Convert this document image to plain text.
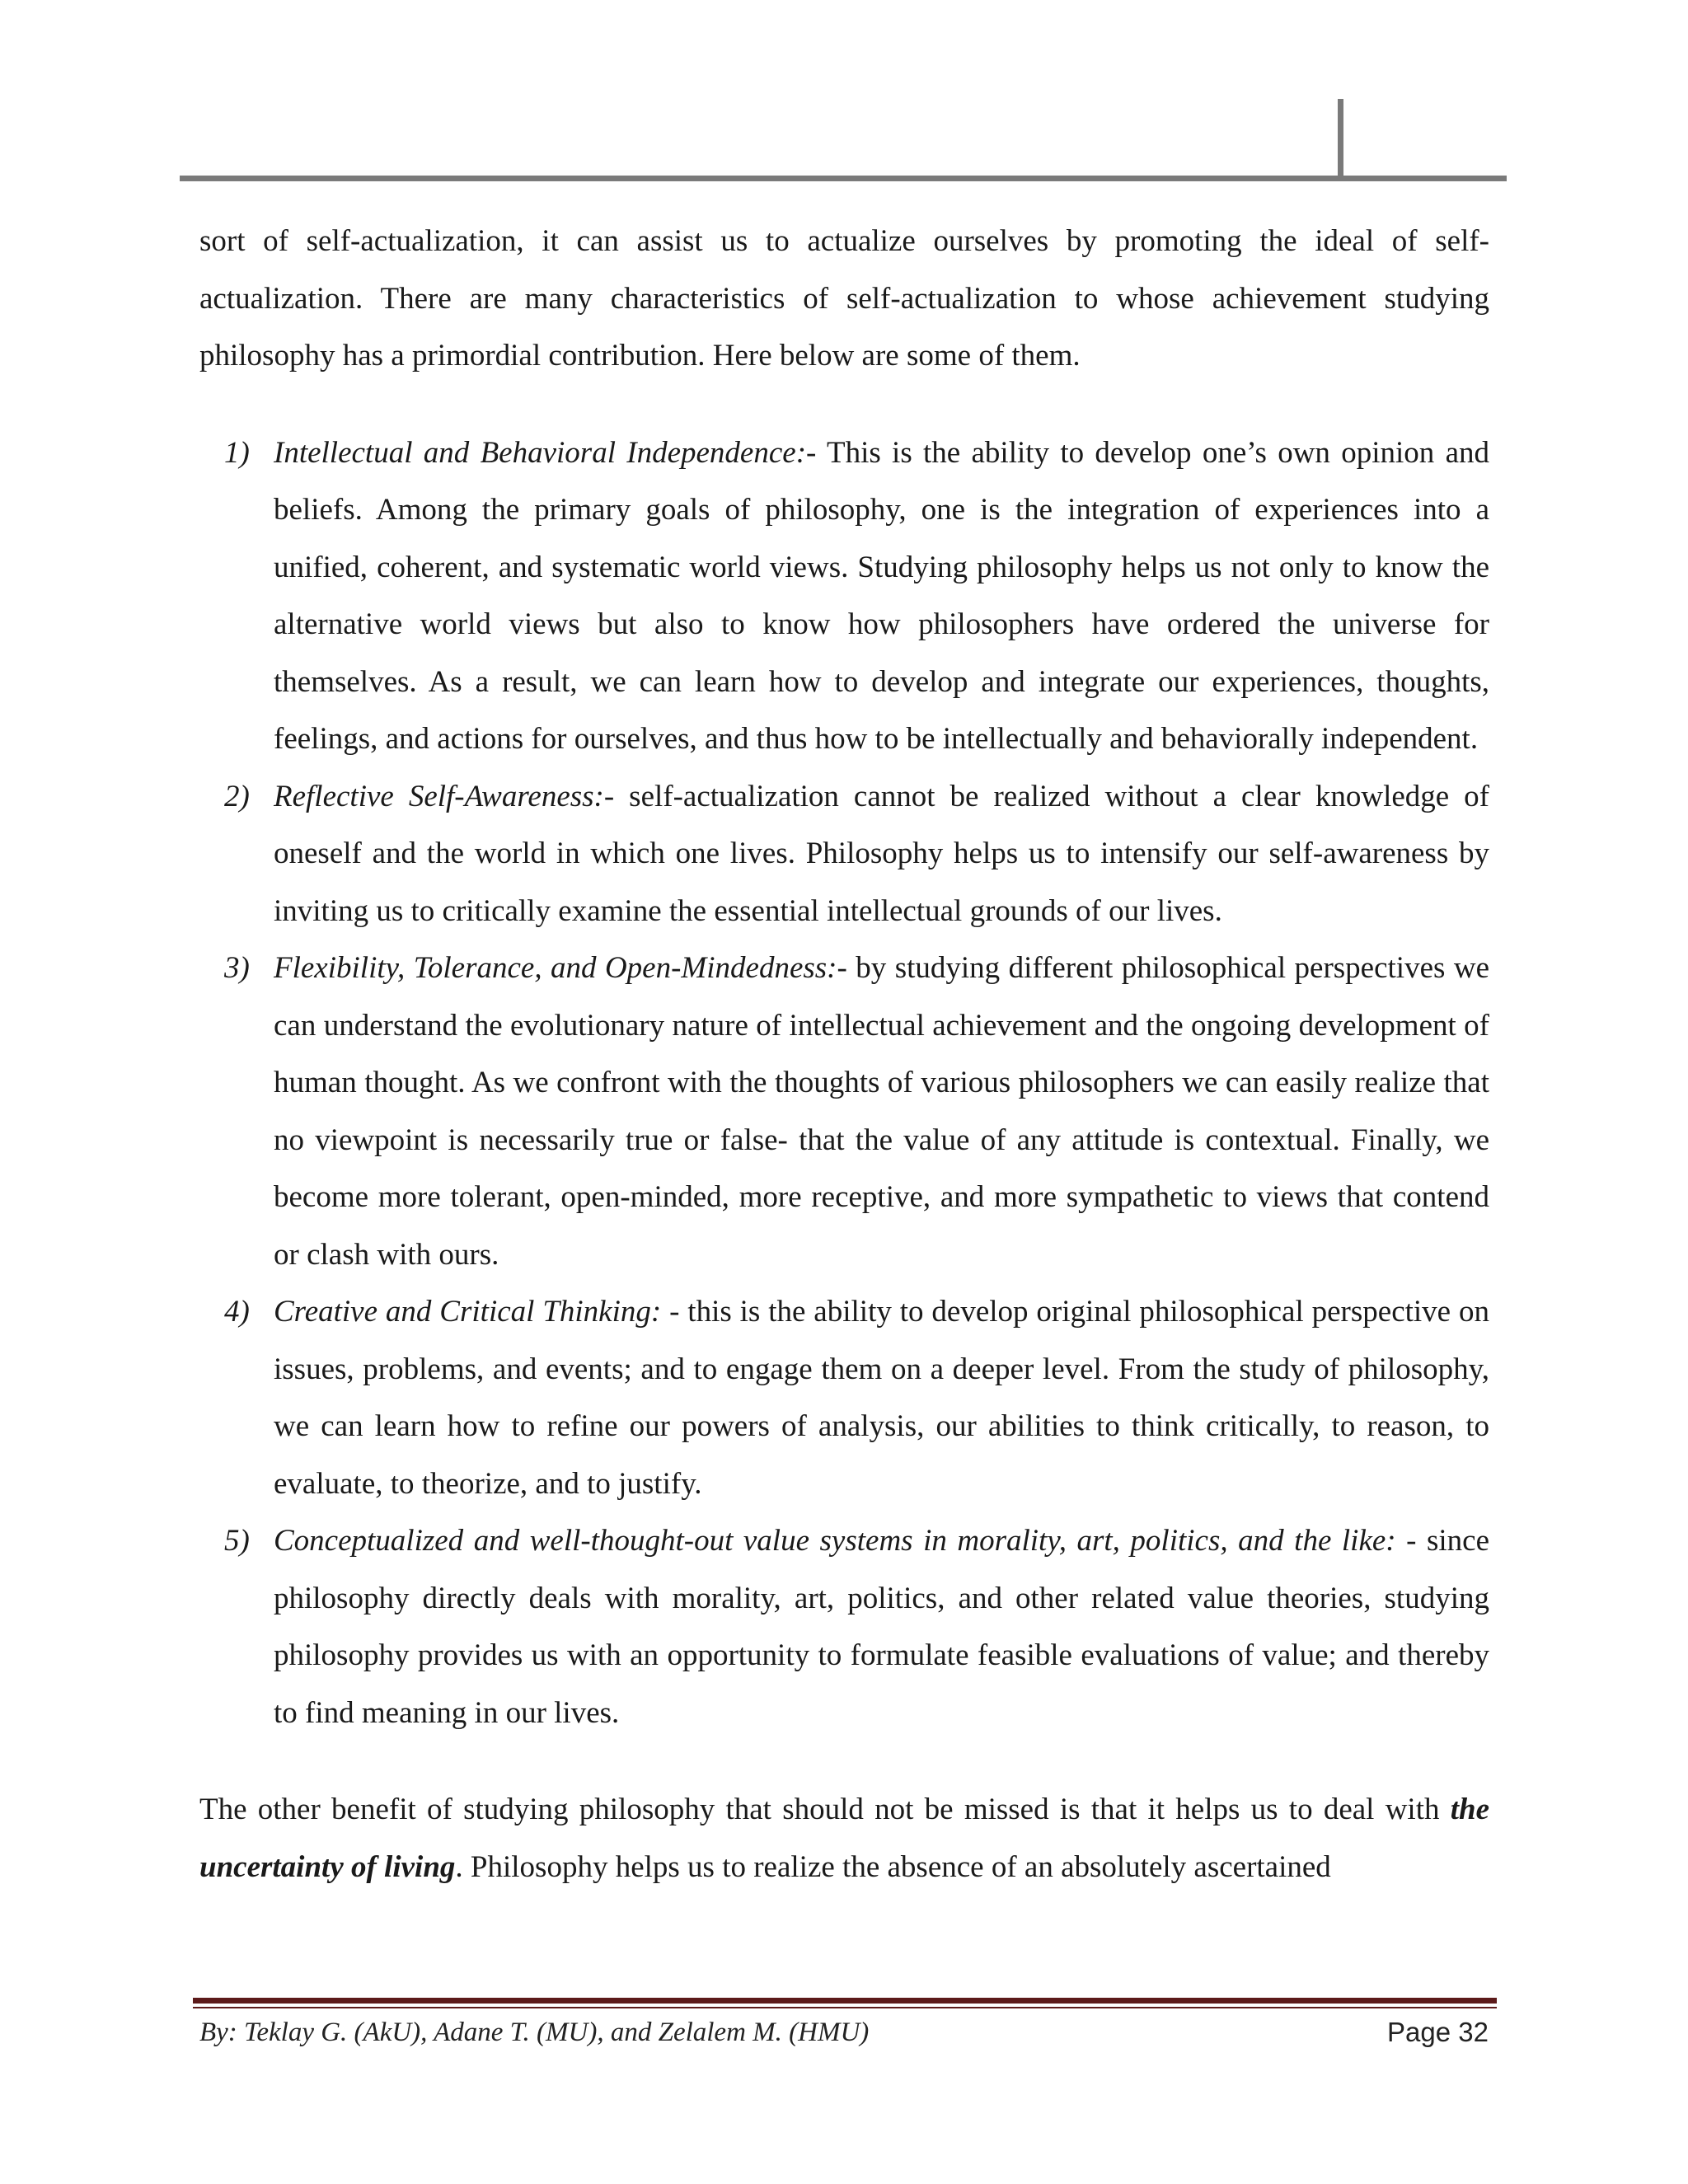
sort of self-actualization, it can assist us to actualize ourselves by promoting the ideal of self-actualization. There are many characteristics of self-actualization to whose achievement studying philosophy has a primordial contribution. Here below are some of them.

1) Intellectual and Behavioral Independence:- This is the ability to develop one’s own opinion and beliefs. Among the primary goals of philosophy, one is the integration of experiences into a unified, coherent, and systematic world views. Studying philosophy helps us not only to know the alternative world views but also to know how philosophers have ordered the universe for themselves. As a result, we can learn how to develop and integrate our experiences, thoughts, feelings, and actions for ourselves, and thus how to be intellectually and behaviorally independent.
2) Reflective Self-Awareness:- self-actualization cannot be realized without a clear knowledge of oneself and the world in which one lives. Philosophy helps us to intensify our self-awareness by inviting us to critically examine the essential intellectual grounds of our lives.
3) Flexibility, Tolerance, and Open-Mindedness:- by studying different philosophical perspectives we can understand the evolutionary nature of intellectual achievement and the ongoing development of human thought. As we confront with the thoughts of various philosophers we can easily realize that no viewpoint is necessarily true or false- that the value of any attitude is contextual. Finally, we become more tolerant, open-minded, more receptive, and more sympathetic to views that contend or clash with ours.
4) Creative and Critical Thinking: - this is the ability to develop original philosophical perspective on issues, problems, and events; and to engage them on a deeper level. From the study of philosophy, we can learn how to refine our powers of analysis, our abilities to think critically, to reason, to evaluate, to theorize, and to justify.
5) Conceptualized and well-thought-out value systems in morality, art, politics, and the like: - since philosophy directly deals with morality, art, politics, and other related value theories, studying philosophy provides us with an opportunity to formulate feasible evaluations of value; and thereby to find meaning in our lives.

The other benefit of studying philosophy that should not be missed is that it helps us to deal with the uncertainty of living. Philosophy helps us to realize the absence of an absolutely ascertained

By: Teklay G. (AkU), Adane T. (MU), and Zelalem M. (HMU)	Page 32
